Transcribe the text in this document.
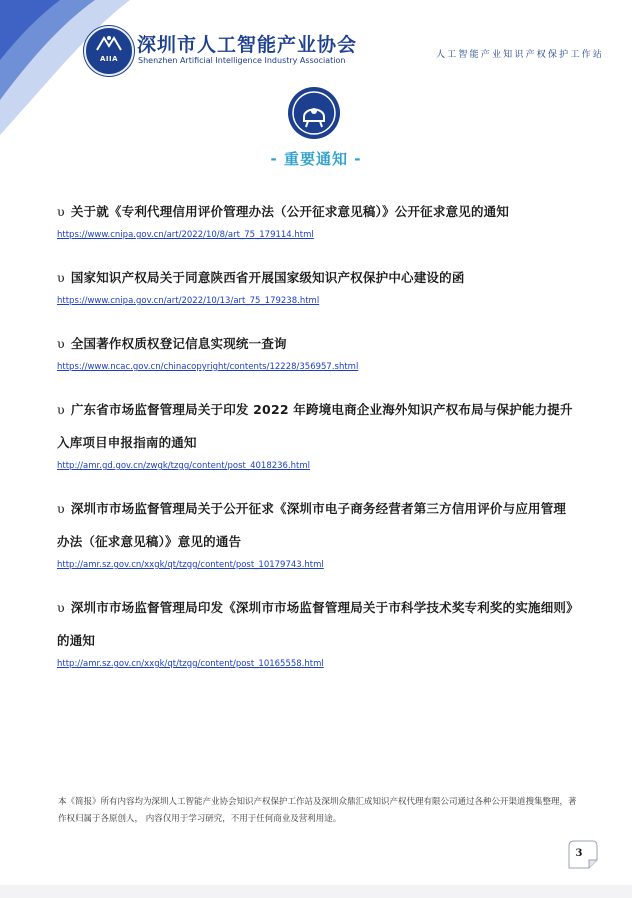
AIIA
深圳市人工智能产业协会
Shenzhen Artificial Intelligence Industry Association
人工智能产业知识产权保护工作站
- 重要通知 -
υ 关于就《专利代理信用评价管理办法（公开征求意见稿）》公开征求意见的通知
https://www.cnipa.gov.cn/art/2022/10/8/art_75_179114.html
υ 国家知识产权局关于同意陕西省开展国家级知识产权保护中心建设的函
https://www.cnipa.gov.cn/art/2022/10/13/art_75_179238.html
υ 全国著作权质权登记信息实现统一查询
https://www.ncac.gov.cn/chinacopyright/contents/12228/356957.shtml
υ 广东省市场监督管理局关于印发 2022 年跨境电商企业海外知识产权布局与保护能力提升
入库项目申报指南的通知
http://amr.gd.gov.cn/zwgk/tzgg/content/post_4018236.html
υ 深圳市市场监督管理局关于公开征求《深圳市电子商务经营者第三方信用评价与应用管理
办法（征求意见稿）》意见的通告
http://amr.sz.gov.cn/xxgk/qt/tzgg/content/post_10179743.html
υ 深圳市市场监督管理局印发《深圳市市场监督管理局关于市科学技术奖专利奖的实施细则》
的通知
http://amr.sz.gov.cn/xxgk/qt/tzgg/content/post_10165558.html
本《简报》所有内容均为深圳人工智能产业协会知识产权保护工作站及深圳众鼎汇成知识产权代理有限公司通过各种公开渠道搜集整理，著作权归属于各原创人， 内容仅用于学习研究，不用于任何商业及营利用途。
3
